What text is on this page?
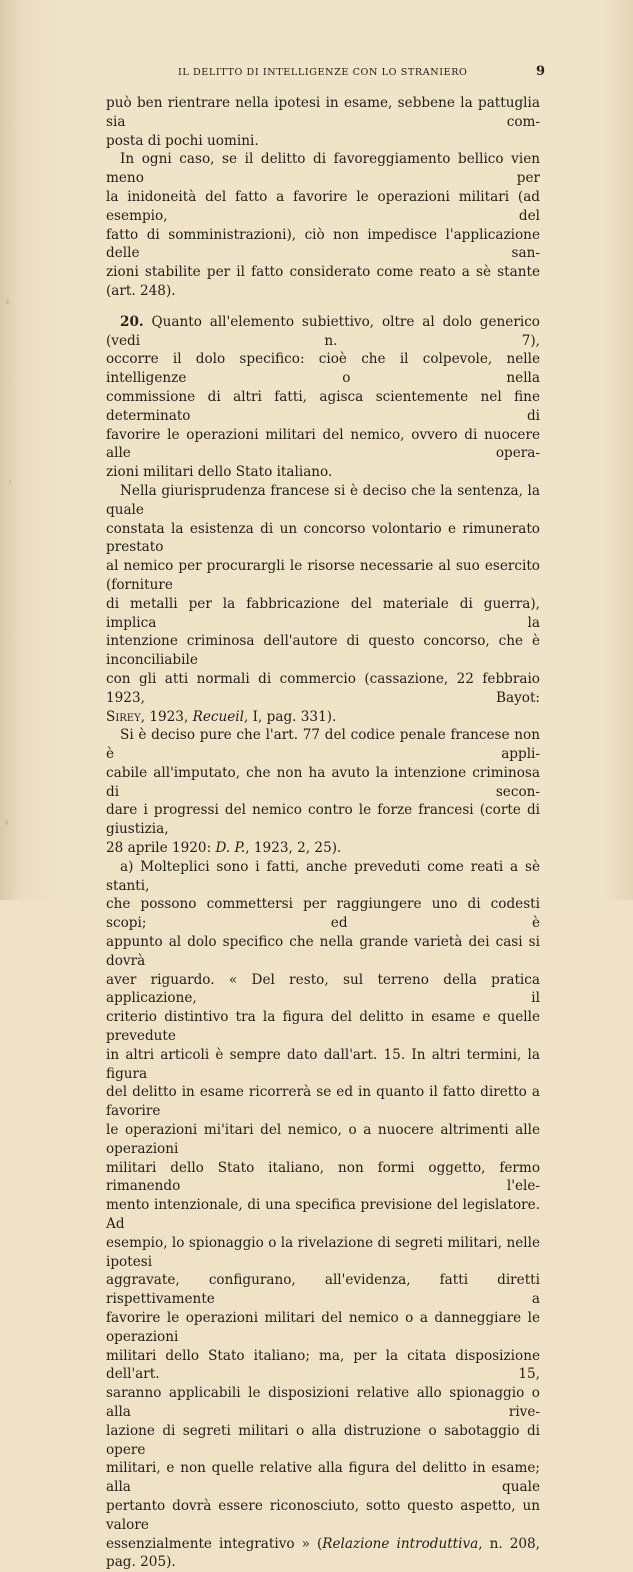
IL DELITTO DI INTELLIGENZE CON LO STRANIERO	9

può ben rientrare nella ipotesi in esame, sebbene la pattuglia sia com-

posta di pochi uomini.

In ogni caso, se il delitto di favoreggiamento bellico vien meno per

la inidoneità del fatto a favorire le operazioni militari (ad esempio, del

fatto di somministrazioni), ciò non impedisce l'applicazione delle san-

zioni stabilite per il fatto considerato come reato a sè stante (art. 248).

20. Quanto all'elemento subiettivo, oltre al dolo generico (vedi n. 7),

occorre il dolo specifico: cioè che il colpevole, nelle intelligenze o nella

commissione di altri fatti, agisca scientemente nel fine determinato di

favorire le operazioni militari del nemico, ovvero di nuocere alle opera-

zioni militari dello Stato italiano.

Nella giurisprudenza francese si è deciso che la sentenza, la quale

constata la esistenza di un concorso volontario e rimunerato prestato

al nemico per procurargli le risorse necessarie al suo esercito (forniture

di metalli per la fabbricazione del materiale di guerra), implica la

intenzione criminosa dell'autore di questo concorso, che è inconciliabile

con gli atti normali di commercio (cassazione, 22 febbraio 1923, Bayot:

Sirey, 1923, Recueil, I, pag. 331).

Si è deciso pure che l'art. 77 del codice penale francese non è appli-

cabile all'imputato, che non ha avuto la intenzione criminosa di secon-

dare i progressi del nemico contro le forze francesi (corte di giustizia,

28 aprile 1920: D. P., 1923, 2, 25).

a) Molteplici sono i fatti, anche preveduti come reati a sè stanti,

che possono commettersi per raggiungere uno di codesti scopi; ed è

appunto al dolo specifico che nella grande varietà dei casi si dovrà

aver riguardo. « Del resto, sul terreno della pratica applicazione, il

criterio distintivo tra la figura del delitto in esame e quelle prevedute

in altri articoli è sempre dato dall'art. 15. In altri termini, la figura

del delitto in esame ricorrerà se ed in quanto il fatto diretto a favorire

le operazioni mi'itari del nemico, o a nuocere altrimenti alle operazioni

militari dello Stato italiano, non formi oggetto, fermo rimanendo l'ele-

mento intenzionale, di una specifica previsione del legislatore. Ad

esempio, lo spionaggio o la rivelazione di segreti militari, nelle ipotesi

aggravate, configurano, all'evidenza, fatti diretti rispettivamente a

favorire le operazioni militari del nemico o a danneggiare le operazioni

militari dello Stato italiano; ma, per la citata disposizione dell'art. 15,

saranno applicabili le disposizioni relative allo spionaggio o alla rive-

lazione di segreti militari o alla distruzione o sabotaggio di opere

militari, e non quelle relative alla figura del delitto in esame; alla quale

pertanto dovrà essere riconosciuto, sotto questo aspetto, un valore

essenzialmente integrativo » (Relazione introduttiva, n. 208, pag. 205).
